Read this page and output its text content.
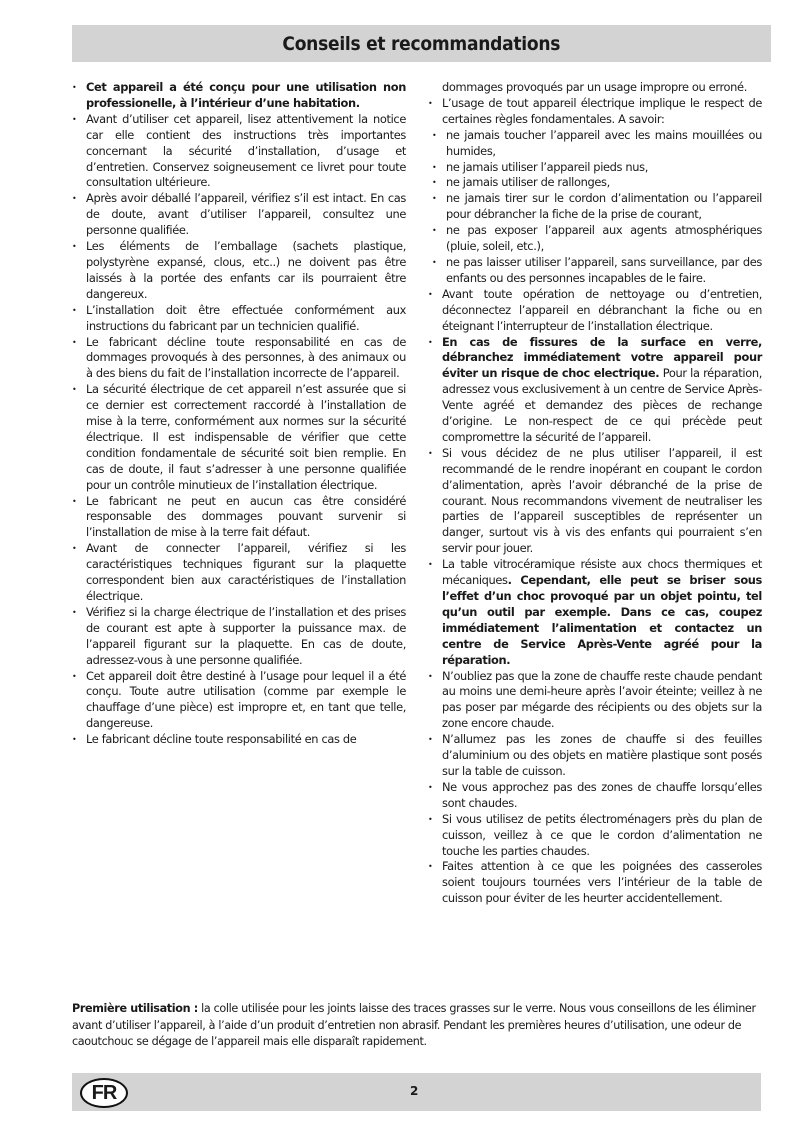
Conseils et recommandations
• Cet appareil a été conçu pour une utilisation non professionelle, à l’intérieur d’une habitation.
• Avant d’utiliser cet appareil, lisez attentivement la notice car elle contient des instructions très importantes concernant la sécurité d’installation, d’usage et d’entretien. Conservez soigneusement ce livret pour toute consultation ultérieure.
• Après avoir déballé l’appareil, vérifiez s’il est intact. En cas de doute, avant d’utiliser l’appareil, consultez une personne qualifiée.
• Les éléments de l’emballage (sachets plastique, polystyrène expansé, clous, etc..) ne doivent pas être laissés à la portée des enfants car ils pourraient être dangereux.
• L’installation doit être effectuée conformément aux instructions du fabricant par un technicien qualifié.
• Le fabricant décline toute responsabilité en cas de dommages provoqués à des personnes, à des animaux ou à des biens du fait de l’installation incorrecte de l’appareil.
• La sécurité électrique de cet appareil n’est assurée que si ce dernier est correctement raccordé à l’installation de mise à la terre, conformément aux normes sur la sécurité électrique. Il est indispensable de vérifier que cette condition fondamentale de sécurité soit bien remplie. En cas de doute, il faut s’adresser à une personne qualifiée pour un contrôle minutieux de l’installation électrique.
• Le fabricant ne peut en aucun cas être considéré responsable des dommages pouvant survenir si l’installation de mise à la terre fait défaut.
• Avant de connecter l’appareil, vérifiez si les caractéristiques techniques figurant sur la plaquette correspondent bien aux caractéristiques de l’installation électrique.
• Vérifiez si la charge électrique de l’installation et des prises de courant est apte à supporter la puissance max. de l’appareil figurant sur la plaquette. En cas de doute, adressez-vous à une personne qualifiée.
• Cet appareil doit être destiné à l’usage pour lequel il a été conçu. Toute autre utilisation (comme par exemple le chauffage d’une pièce) est impropre et, en tant que telle, dangereuse.
• Le fabricant décline toute responsabilité en cas de
dommages provoqués par un usage impropre ou erroné.
• L’usage de tout appareil électrique implique le respect de certaines règles fondamentales. A savoir:
• ne jamais toucher l’appareil avec les mains mouillées ou humides,
• ne jamais utiliser l’appareil pieds nus,
• ne jamais utiliser de rallonges,
• ne jamais tirer sur le cordon d’alimentation ou l’appareil pour débrancher la fiche de la prise de courant,
• ne pas exposer l’appareil aux agents atmosphériques (pluie, soleil, etc.),
• ne pas laisser utiliser l’appareil, sans surveillance, par des enfants ou des personnes incapables de le faire.
• Avant toute opération de nettoyage ou d’entretien, déconnectez l’appareil en débranchant la fiche ou en éteignant l’interrupteur de l’installation électrique.
• En cas de fissures de la surface en verre, débranchez immédiatement votre appareil pour éviter un risque de choc electrique. Pour la réparation, adressez vous exclusivement à un centre de Service Après-Vente agréé et demandez des pièces de rechange d’origine. Le non-respect de ce qui précède peut compromettre la sécurité de l’appareil.
• Si vous décidez de ne plus utiliser l’appareil, il est recommandé de le rendre inopérant en coupant le cordon d’alimentation, après l’avoir débranché de la prise de courant. Nous recommandons vivement de neutraliser les parties de l’appareil susceptibles de représenter un danger, surtout vis à vis des enfants qui pourraient s’en servir pour jouer.
• La table vitrocéramique résiste aux chocs thermiques et mécaniques. Cependant, elle peut se briser sous l’effet d’un choc provoqué par un objet pointu, tel qu’un outil par exemple. Dans ce cas, coupez immédiatement l’alimentation et contactez un centre de Service Après-Vente agréé pour la réparation.
• N’oubliez pas que la zone de chauffe reste chaude pendant au moins une demi-heure après l’avoir éteinte; veillez à ne pas poser par mégarde des récipients ou des objets sur la zone encore chaude.
• N’allumez pas les zones de chauffe si des feuilles d’aluminium ou des objets en matière plastique sont posés sur la table de cuisson.
• Ne vous approchez pas des zones de chauffe lorsqu’elles sont chaudes.
• Si vous utilisez de petits électroménagers près du plan de cuisson, veillez à ce que le cordon d’alimentation ne touche les parties chaudes.
• Faites attention à ce que les poignées des casseroles soient toujours tournées vers l’intérieur de la table de cuisson pour éviter de les heurter accidentellement.

Première utilisation : la colle utilisée pour les joints laisse des traces grasses sur le verre. Nous vous conseillons de les éliminer avant d’utiliser l’appareil, à l’aide d’un produit d’entretien non abrasif. Pendant les premières heures d’utilisation, une odeur de caoutchouc se dégage de l’appareil mais elle disparaît rapidement.

FR	2
